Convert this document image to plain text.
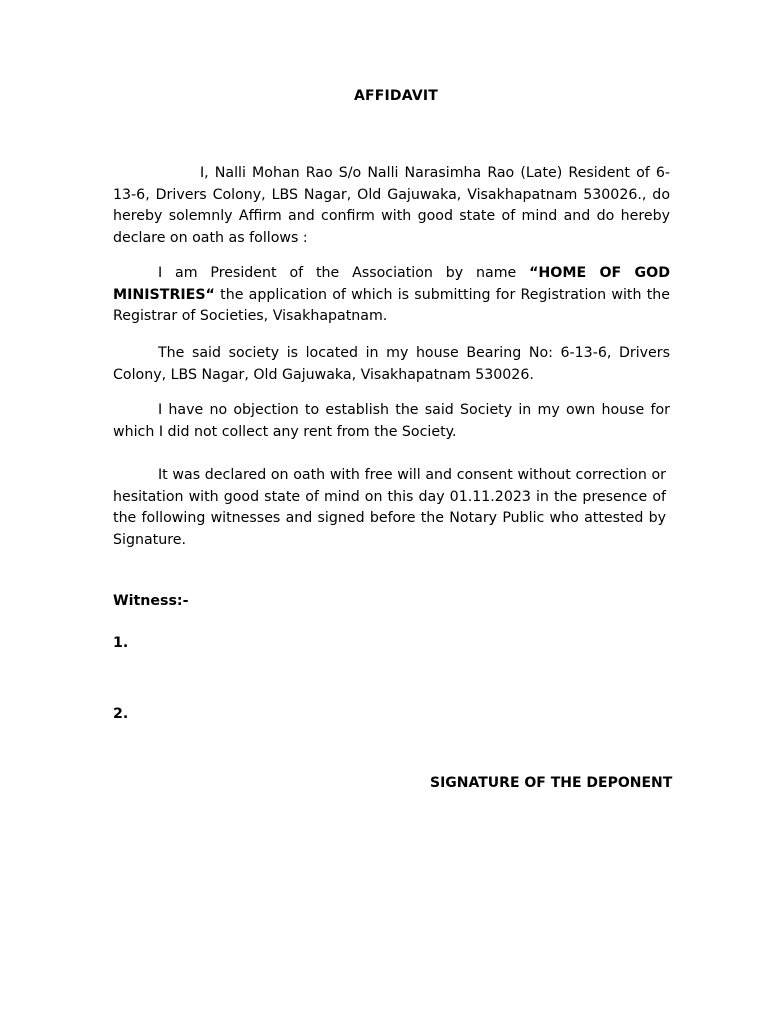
AFFIDAVIT

I, Nalli Mohan Rao S/o Nalli Narasimha Rao (Late) Resident of 6-13-6, Drivers Colony, LBS Nagar, Old Gajuwaka, Visakhapatnam 530026., do hereby solemnly Affirm and confirm with good state of mind and do hereby declare on oath as follows :

I am President of the Association by name “HOME OF GOD MINISTRIES“ the application of which is submitting for Registration with the Registrar of Societies, Visakhapatnam.

The said society is located in my house Bearing No: 6-13-6, Drivers Colony, LBS Nagar, Old Gajuwaka, Visakhapatnam 530026.

I have no objection to establish the said Society in my own house for which I did not collect any rent from the Society.

It was declared on oath with free will and consent without correction or hesitation with good state of mind on this day 01.11.2023 in the presence of the following witnesses and signed before the Notary Public who attested by Signature.

Witness:-
1.
2.
SIGNATURE OF THE DEPONENT
